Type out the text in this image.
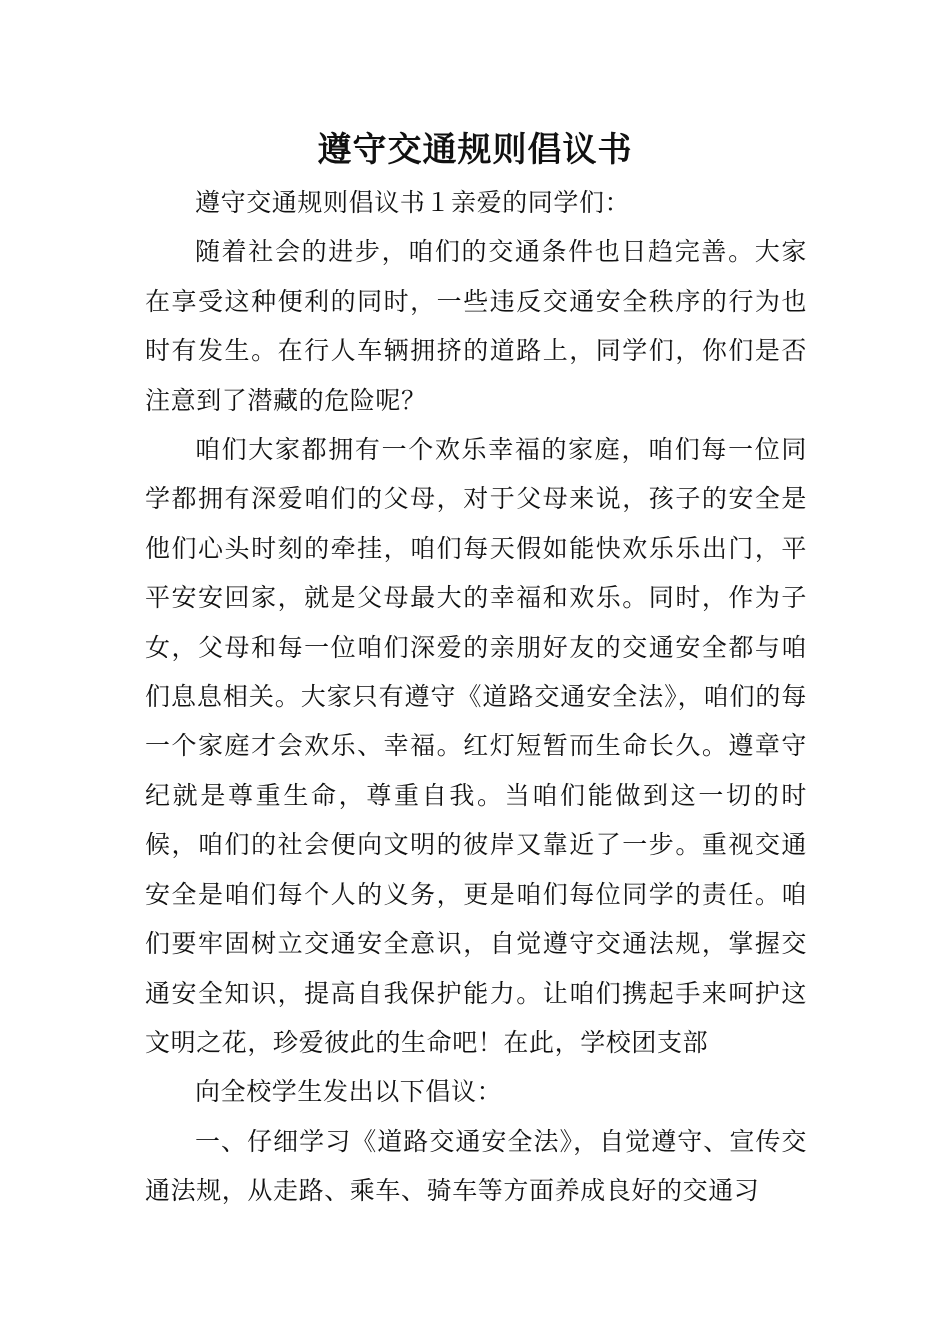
遵守交通规则倡议书

遵守交通规则倡议书１亲爱的同学们：

随着社会的进步，咱们的交通条件也日趋完善。大家在享受这种便利的同时，一些违反交通安全秩序的行为也时有发生。在行人车辆拥挤的道路上，同学们，你们是否注意到了潜藏的危险呢？

咱们大家都拥有一个欢乐幸福的家庭，咱们每一位同学都拥有深爱咱们的父母，对于父母来说，孩子的安全是他们心头时刻的牵挂，咱们每天假如能快欢乐乐出门，平平安安回家，就是父母最大的幸福和欢乐。同时，作为子女，父母和每一位咱们深爱的亲朋好友的交通安全都与咱们息息相关。大家只有遵守《道路交通安全法》，咱们的每一个家庭才会欢乐、幸福。红灯短暂而生命长久。遵章守纪就是尊重生命，尊重自我。当咱们能做到这一切的时候，咱们的社会便向文明的彼岸又靠近了一步。重视交通安全是咱们每个人的义务，更是咱们每位同学的责任。咱们要牢固树立交通安全意识，自觉遵守交通法规，掌握交通安全知识，提高自我保护能力。让咱们携起手来呵护这文明之花，珍爱彼此的生命吧！在此，学校团支部

向全校学生发出以下倡议：

一、仔细学习《道路交通安全法》，自觉遵守、宣传交通法规，从走路、乘车、骑车等方面养成良好的交通习
